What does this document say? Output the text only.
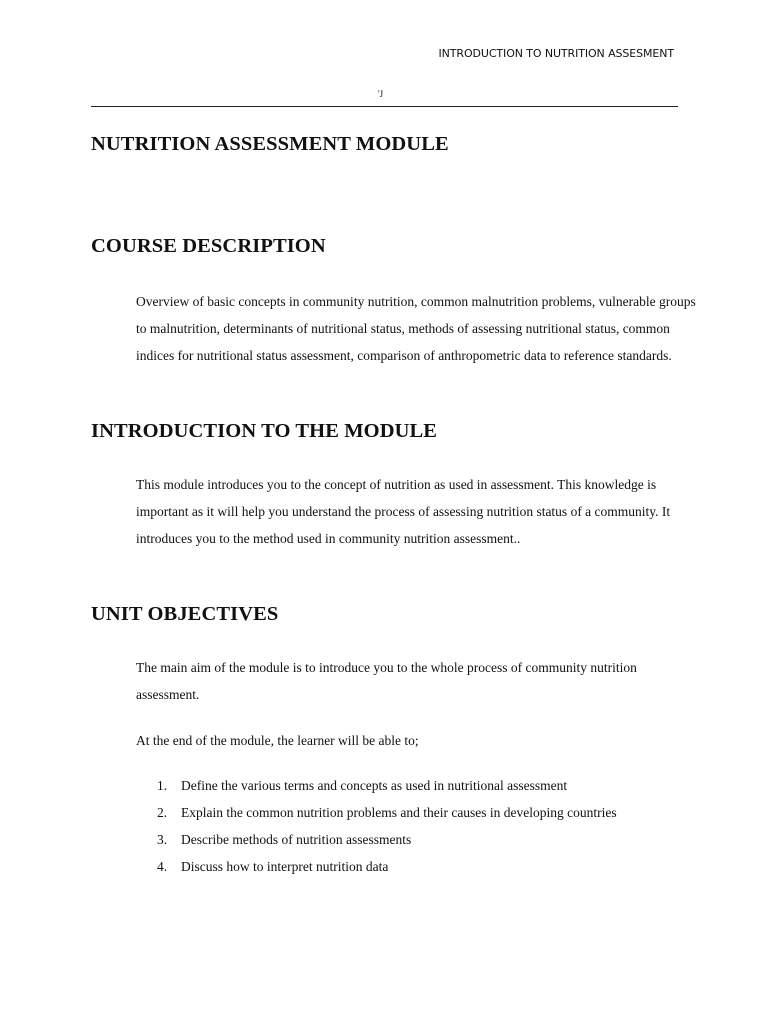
INTRODUCTION TO NUTRITION ASSESMENT
'J
NUTRITION ASSESSMENT MODULE
COURSE DESCRIPTION

Overview of basic concepts in community nutrition, common malnutrition problems, vulnerable groups to malnutrition, determinants of nutritional status, methods of assessing nutritional status, common indices for nutritional status assessment, comparison of anthropometric data to reference standards.

INTRODUCTION TO THE MODULE

This module introduces you to the concept of nutrition as used in assessment. This knowledge is important as it will help you understand the process of assessing nutrition status of a community. It introduces you to the method used in community nutrition assessment..

UNIT OBJECTIVES

The main aim of the module is to introduce you to the whole process of community nutrition assessment.

At the end of the module, the learner will be able to;

1.	Define the various terms and concepts as used in nutritional assessment
2.	Explain the common nutrition problems and their causes in developing countries
3.	Describe methods of nutrition assessments
4.	Discuss how to interpret nutrition data
